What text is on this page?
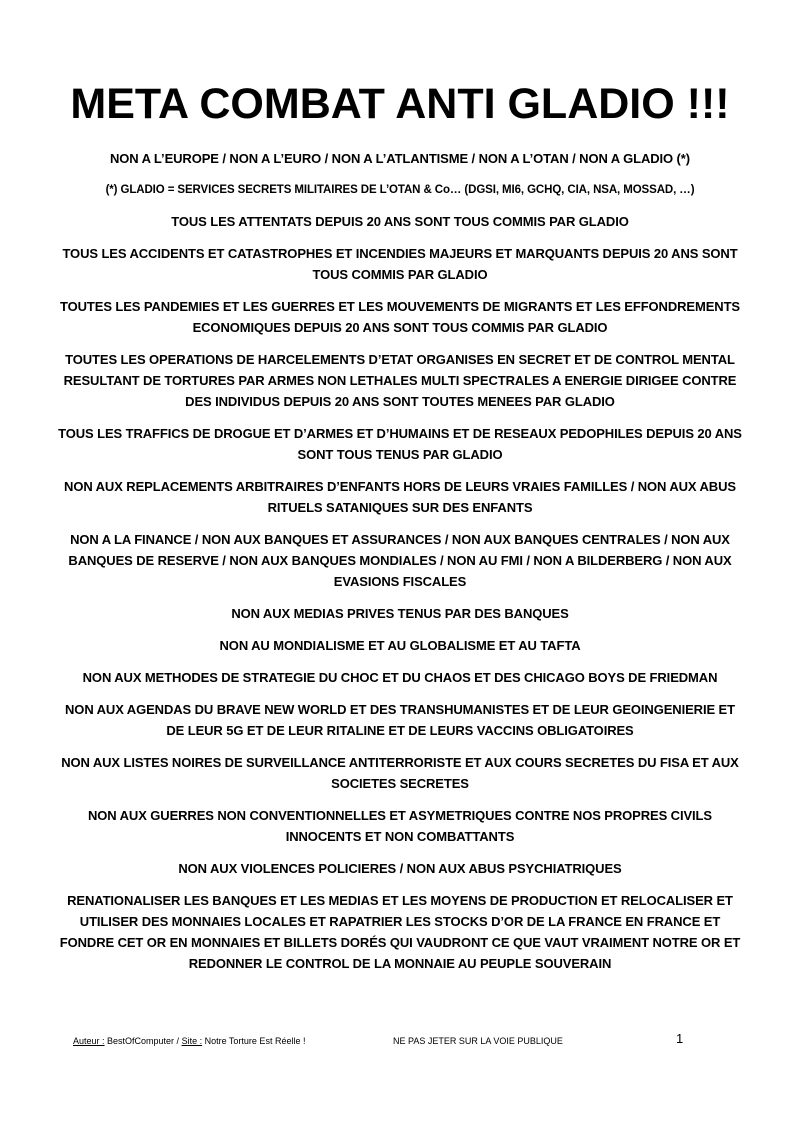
META COMBAT ANTI GLADIO !!!

NON A L’EUROPE / NON A L’EURO / NON A L’ATLANTISME / NON A L’OTAN / NON A GLADIO (*)

(*) GLADIO = SERVICES SECRETS MILITAIRES DE L’OTAN & Co… (DGSI, MI6, GCHQ, CIA, NSA, MOSSAD, …)

TOUS LES ATTENTATS DEPUIS 20 ANS SONT TOUS COMMIS PAR GLADIO

TOUS LES ACCIDENTS ET CATASTROPHES ET INCENDIES MAJEURS ET MARQUANTS DEPUIS 20 ANS SONT TOUS COMMIS PAR GLADIO

TOUTES LES PANDEMIES ET LES GUERRES ET LES MOUVEMENTS DE MIGRANTS ET LES EFFONDREMENTS ECONOMIQUES DEPUIS 20 ANS SONT TOUS COMMIS PAR GLADIO

TOUTES LES OPERATIONS DE HARCELEMENTS D’ETAT ORGANISES EN SECRET ET DE CONTROL MENTAL RESULTANT DE TORTURES PAR ARMES NON LETHALES MULTI SPECTRALES A ENERGIE DIRIGEE CONTRE DES INDIVIDUS DEPUIS 20 ANS SONT TOUTES MENEES PAR GLADIO

TOUS LES TRAFFICS DE DROGUE ET D’ARMES ET D’HUMAINS ET DE RESEAUX PEDOPHILES DEPUIS 20 ANS SONT TOUS TENUS PAR GLADIO

NON AUX REPLACEMENTS ARBITRAIRES D’ENFANTS HORS DE LEURS VRAIES FAMILLES / NON AUX ABUS RITUELS SATANIQUES SUR DES ENFANTS

NON A LA FINANCE / NON AUX BANQUES ET ASSURANCES / NON AUX BANQUES CENTRALES / NON AUX BANQUES DE RESERVE / NON AUX BANQUES MONDIALES / NON AU FMI / NON A BILDERBERG / NON AUX EVASIONS FISCALES

NON AUX MEDIAS PRIVES TENUS PAR DES BANQUES

NON AU MONDIALISME ET AU GLOBALISME ET AU TAFTA

NON AUX METHODES DE STRATEGIE DU CHOC ET DU CHAOS ET DES CHICAGO BOYS DE FRIEDMAN

NON AUX AGENDAS DU BRAVE NEW WORLD ET DES TRANSHUMANISTES ET DE LEUR GEOINGENIERIE ET DE LEUR 5G ET DE LEUR RITALINE ET DE LEURS VACCINS OBLIGATOIRES

NON AUX LISTES NOIRES DE SURVEILLANCE ANTITERRORISTE ET AUX COURS SECRETES DU FISA ET AUX SOCIETES SECRETES

NON AUX GUERRES NON CONVENTIONNELLES ET ASYMETRIQUES CONTRE NOS PROPRES CIVILS INNOCENTS ET NON COMBATTANTS

NON AUX VIOLENCES POLICIERES / NON AUX ABUS PSYCHIATRIQUES

RENATIONALISER LES BANQUES ET LES MEDIAS ET LES MOYENS DE PRODUCTION ET RELOCALISER ET UTILISER DES MONNAIES LOCALES ET RAPATRIER LES STOCKS D’OR DE LA FRANCE EN FRANCE ET FONDRE CET OR EN MONNAIES ET BILLETS DORÉS QUI VAUDRONT CE QUE VAUT VRAIMENT NOTRE OR ET REDONNER LE CONTROL DE LA MONNAIE AU PEUPLE SOUVERAIN

Auteur : BestOfComputer / Site : Notre Torture Est Réelle !	NE PAS JETER SUR LA VOIE PUBLIQUE	1
